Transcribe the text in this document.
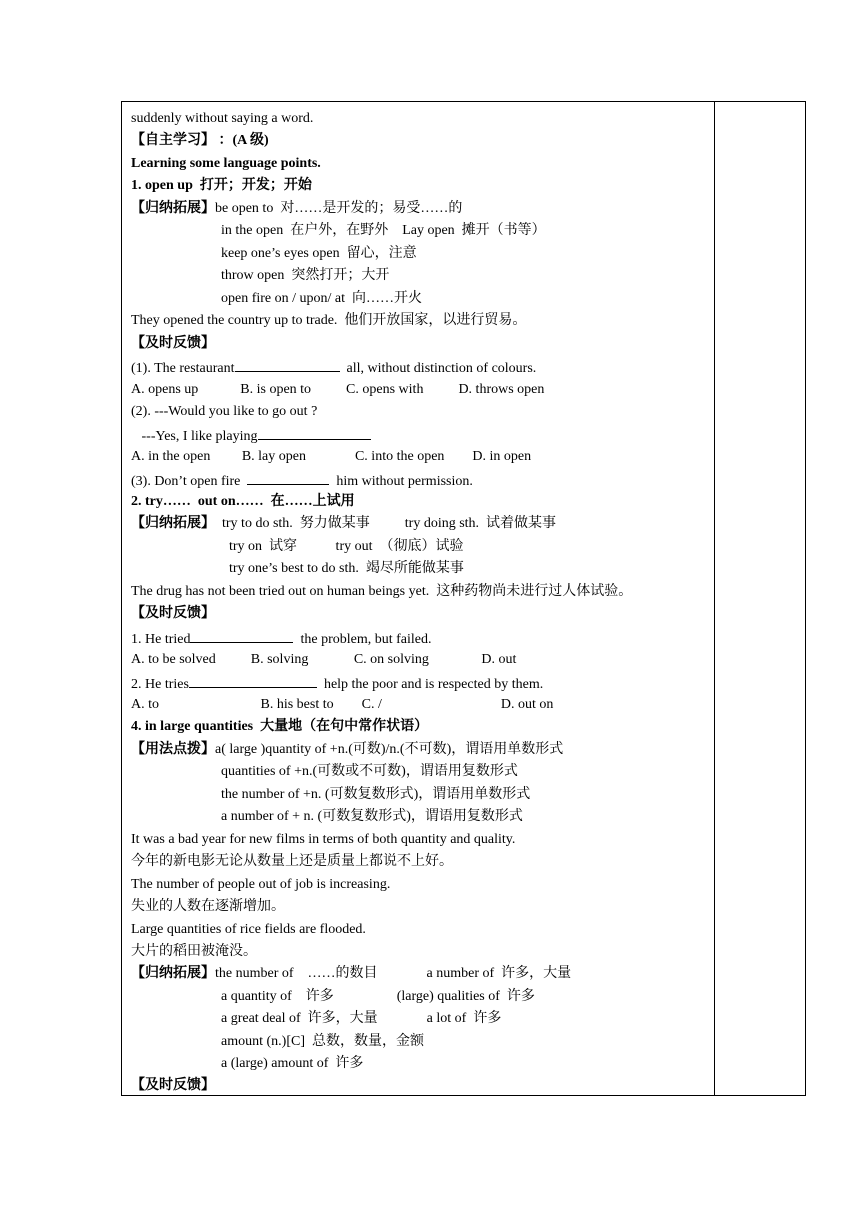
suddenly without saying a word.
【自主学习】 ：(A 级)
Learning some language points.
1. open up  打开；开发；开始
【归纳拓展】be open to  对……是开发的；易受……的
in the open  在户外，在野外    Lay open  摊开（书等）
keep one’s eyes open  留心，注意
throw open  突然打开；大开
open fire on / upon/ at  向……开火
They opened the country up to trade.  他们开放国家，以进行贸易。
【及时反馈】
(1). The restaurant	all, without distinction of colours.
A. opens up            B. is open to          C. opens with          D. throws open
(2). ---Would you like to go out ?
---Yes, I like playing
A. in the open         B. lay open              C. into the open        D. in open
(3). Don’t open fire	him without permission.
2. try……  out on……  在……上试用
【归纳拓展】  try to do sth.  努力做某事          try doing sth.  试着做某事
try on  试穿           try out  （彻底）试验
try one’s best to do sth.  竭尽所能做某事
The drug has not been tried out on human beings yet.  这种药物尚未进行过人体试验。
【及时反馈】
1. He tried	the problem, but failed.
A. to be solved          B. solving             C. on solving               D. out
2. He tries	help the poor and is respected by them.
A. to                             B. his best to        C. /                                  D. out on
4. in large quantities  大量地（在句中常作状语）
【用法点拨】a( large )quantity of +n.(可数)/n.(不可数)，谓语用单数形式
quantities of +n.(可数或不可数)，谓语用复数形式
the number of +n. (可数复数形式)，谓语用单数形式
a number of + n. (可数复数形式)，谓语用复数形式
It was a bad year for new films in terms of both quantity and quality.
今年的新电影无论从数量上还是质量上都说不上好。
The number of people out of job is increasing.
失业的人数在逐渐增加。
Large quantities of rice fields are flooded.
大片的稻田被淹没。
【归纳拓展】the number of    ……的数目              a number of  许多，大量
a quantity of    许多                  (large) qualities of  许多
a great deal of  许多，大量              a lot of  许多
amount (n.)[C]  总数，数量，金额
a (large) amount of  许多
【及时反馈】
